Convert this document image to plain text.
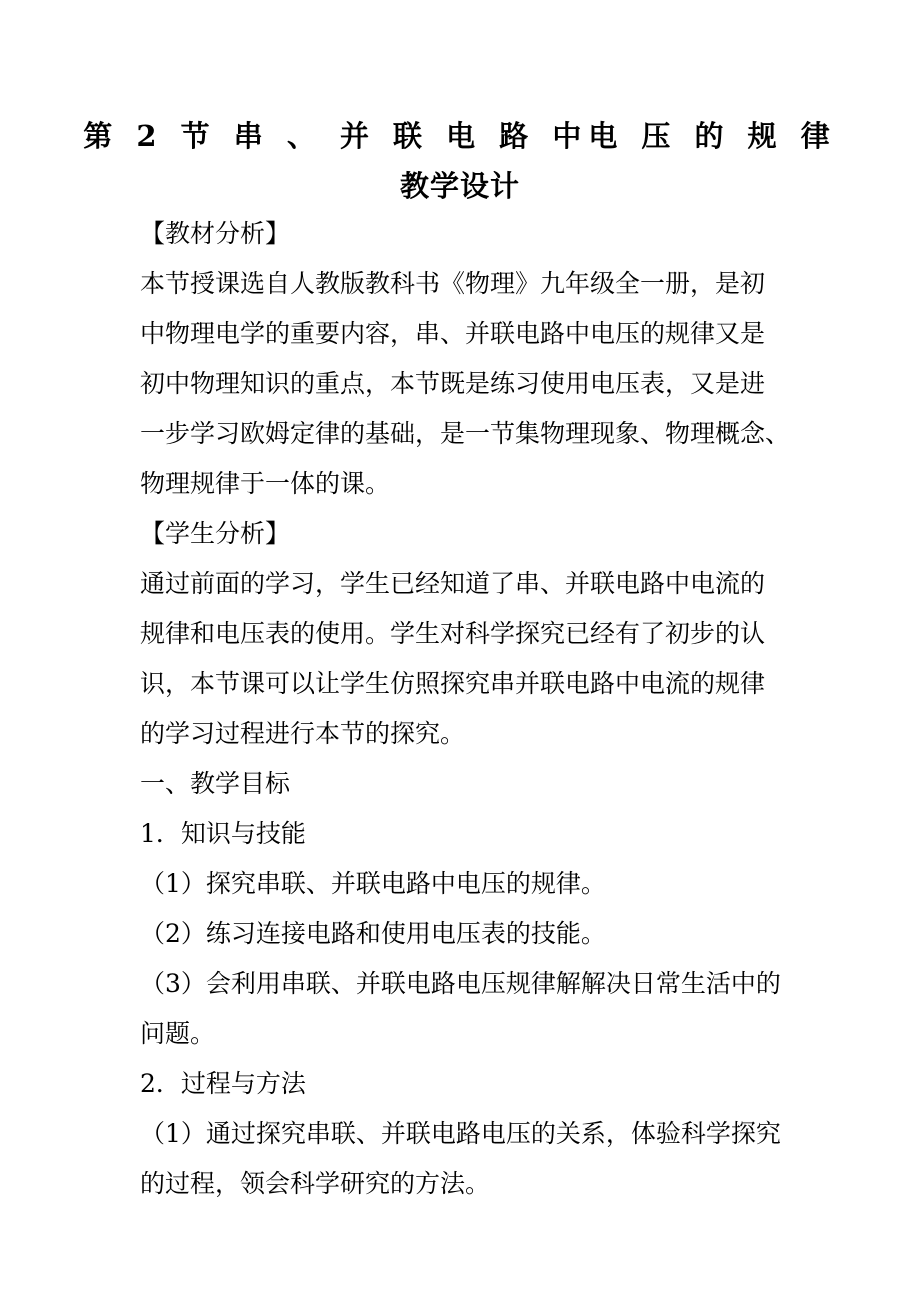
第 2 节 串 、 并 联 电 路 中电 压 的 规 律
教学设计

【教材分析】

本节授课选自人教版教科书《物理》九年级全一册，是初

中物理电学的重要内容，串、并联电路中电压的规律又是

初中物理知识的重点，本节既是练习使用电压表，又是进

一步学习欧姆定律的基础，是一节集物理现象、物理概念、

物理规律于一体的课。

【学生分析】

通过前面的学习，学生已经知道了串、并联电路中电流的

规律和电压表的使用。学生对科学探究已经有了初步的认

识，本节课可以让学生仿照探究串并联电路中电流的规律

的学习过程进行本节的探究。

一、教学目标

1．知识与技能

（1）探究串联、并联电路中电压的规律。

（2）练习连接电路和使用电压表的技能。

（3）会利用串联、并联电路电压规律解解决日常生活中的

问题。

2．过程与方法

（1）通过探究串联、并联电路电压的关系，体验科学探究

的过程，领会科学研究的方法。
